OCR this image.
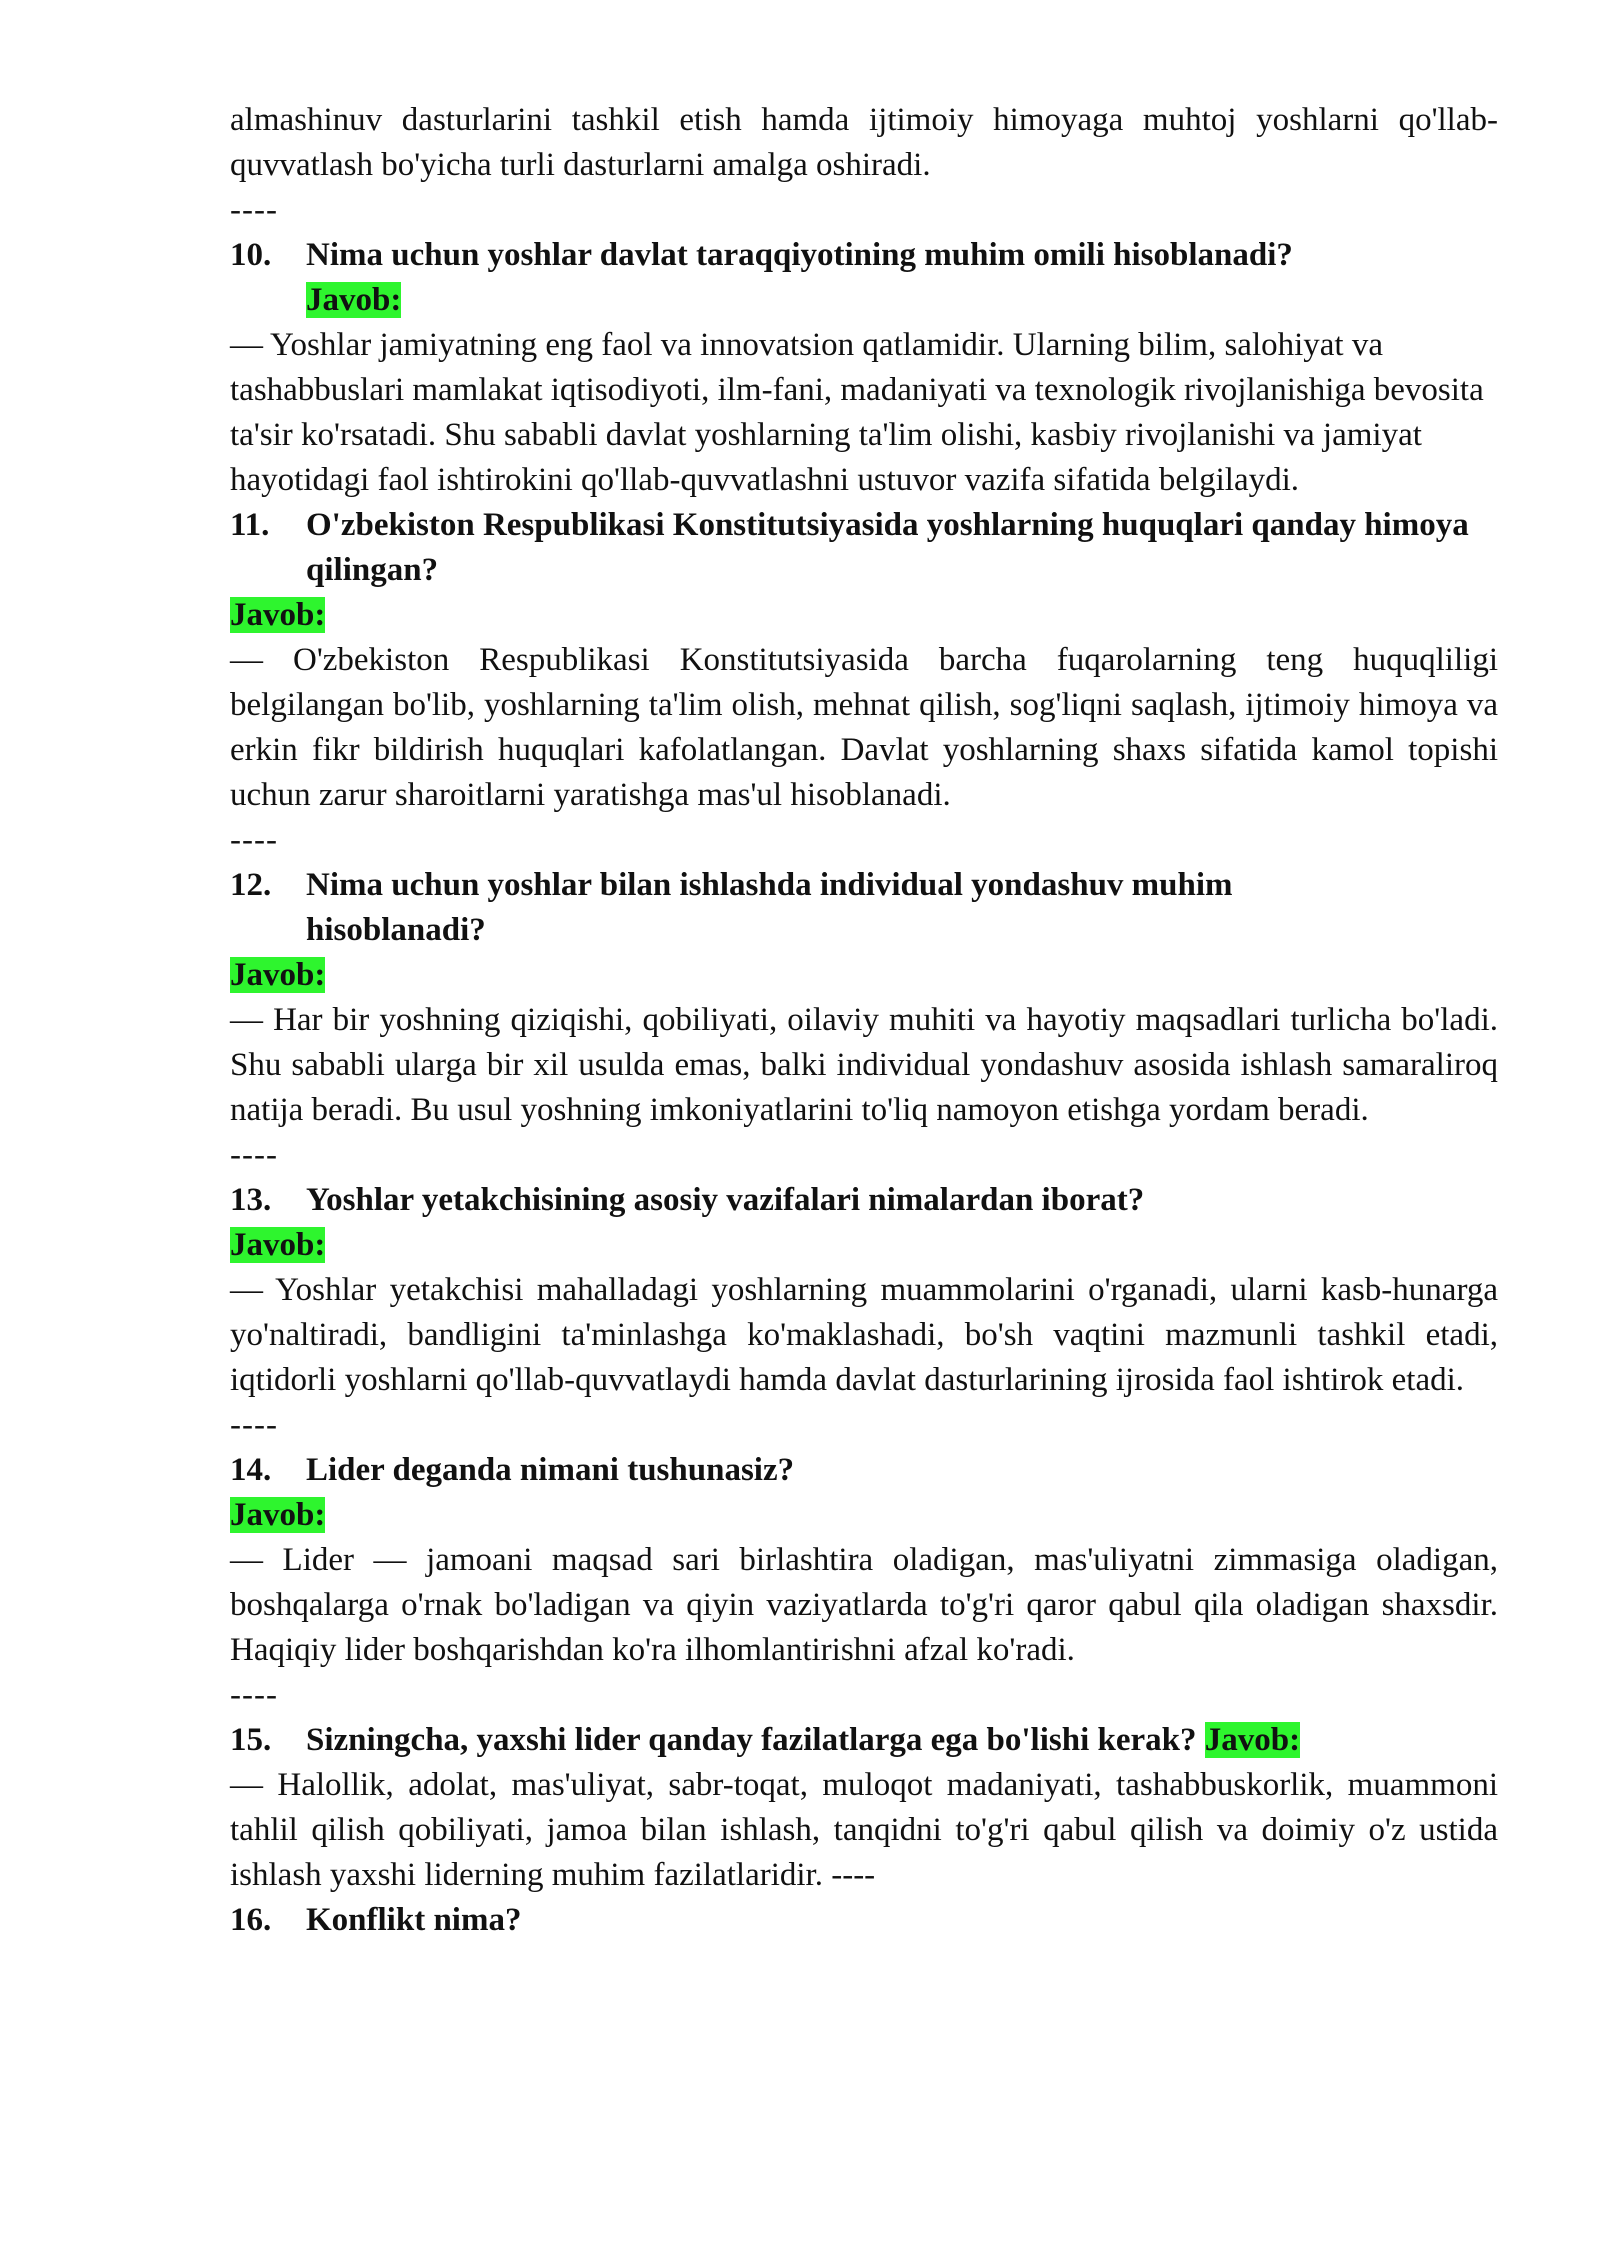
almashinuv dasturlarini tashkil etish hamda ijtimoiy himoyaga muhtoj yoshlarni qo'llab-quvvatlash bo'yicha turli dasturlarni amalga oshiradi.

----

10.	Nima uchun yoshlar davlat taraqqiyotining muhim omili hisoblanadi?

Javob:

— Yoshlar jamiyatning eng faol va innovatsion qatlamidir. Ularning bilim, salohiyat va tashabbuslari mamlakat iqtisodiyoti, ilm-fani, madaniyati va texnologik rivojlanishiga bevosita ta'sir ko'rsatadi. Shu sababli davlat yoshlarning ta'lim olishi, kasbiy rivojlanishi va jamiyat hayotidagi faol ishtirokini qo'llab-quvvatlashni ustuvor vazifa sifatida belgilaydi.

11.	O'zbekiston Respublikasi Konstitutsiyasida yoshlarning huquqlari qanday himoya qilingan?

Javob:

— O'zbekiston Respublikasi Konstitutsiyasida barcha fuqarolarning teng huquqliligi belgilangan bo'lib, yoshlarning ta'lim olish, mehnat qilish, sog'liqni saqlash, ijtimoiy himoya va erkin fikr bildirish huquqlari kafolatlangan. Davlat yoshlarning shaxs sifatida kamol topishi uchun zarur sharoitlarni yaratishga mas'ul hisoblanadi.

----

12.	Nima uchun yoshlar bilan ishlashda individual yondashuv muhim hisoblanadi?

Javob:

— Har bir yoshning qiziqishi, qobiliyati, oilaviy muhiti va hayotiy maqsadlari turlicha bo'ladi. Shu sababli ularga bir xil usulda emas, balki individual yondashuv asosida ishlash samaraliroq natija beradi. Bu usul yoshning imkoniyatlarini to'liq namoyon etishga yordam beradi.

----

13.	Yoshlar yetakchisining asosiy vazifalari nimalardan iborat?

Javob:

— Yoshlar yetakchisi mahalladagi yoshlarning muammolarini o'rganadi, ularni kasb-hunarga yo'naltiradi, bandligini ta'minlashga ko'maklashadi, bo'sh vaqtini mazmunli tashkil etadi, iqtidorli yoshlarni qo'llab-quvvatlaydi hamda davlat dasturlarining ijrosida faol ishtirok etadi.

----

14.	Lider deganda nimani tushunasiz?

Javob:

— Lider — jamoani maqsad sari birlashtira oladigan, mas'uliyatni zimmasiga oladigan, boshqalarga o'rnak bo'ladigan va qiyin vaziyatlarda to'g'ri qaror qabul qila oladigan shaxsdir. Haqiqiy lider boshqarishdan ko'ra ilhomlantirishni afzal ko'radi.

----

15.	Sizningcha, yaxshi lider qanday fazilatlarga ega bo'lishi kerak? Javob:

— Halollik, adolat, mas'uliyat, sabr-toqat, muloqot madaniyati, tashabbuskorlik, muammoni tahlil qilish qobiliyati, jamoa bilan ishlash, tanqidni to'g'ri qabul qilish va doimiy o'z ustida ishlash yaxshi liderning muhim fazilatlaridir. ----

16.	Konflikt nima?
